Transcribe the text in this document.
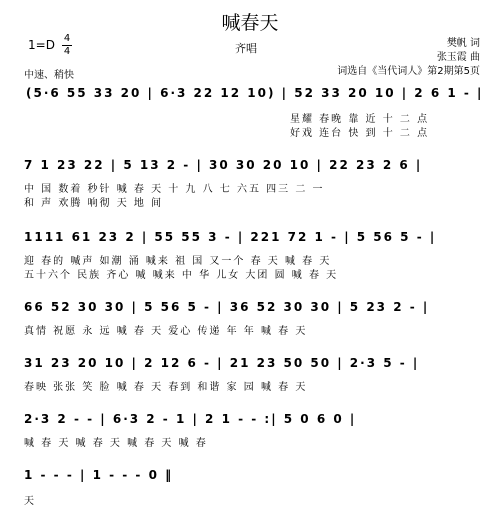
喊春天
1=D 4
4
中速、稍快
齐唱	樊帆 词
张玉霞 曲
词选自《当代词人》第2期第5页
(5·6 55 33 20 | 6·3 22 12 10) | 52 33 20 10 | 2 6 1 - |
星耀 春晚 靠 近 十 二 点
好戏 连台 快 到 十 二 点
7 1 23 22 | 5 13 2 - | 30 30 20 10 | 22 23 2 6 |
中 国 数着 秒针 喊 春 天 十 九 八 七 六五 四三 二 一
和 声 欢腾 响彻 天 地 间
1111 61 23 2 | 55 55 3 - | 221 72 1 - | 5 56 5 - |
迎 春的 喊声 如潮 涌 喊来 祖 国 又一个 春 天 喊 春 天
五十六个 民族 齐心 喊 喊来 中 华 儿女 大团 圆 喊 春 天
66 52 30 30 | 5 56 5 - | 36 52 30 30 | 5 23 2 - |
真情 祝愿 永 远 喊 春 天 爱心 传递 年 年 喊 春 天
31 23 20 10 | 2 12 6 - | 21 23 50 50 | 2·3 5 - |
春映 张张 笑 脸 喊 春 天 春到 和谐 家 园 喊 春 天
2·3 2 - - | 6·3 2 - 1 | 2 1 - - :| 5 0 6 0 |
喊 春 天 喊 春 天 喊 春 天 喊 春
1 - - - | 1 - - - 0 ‖
天
